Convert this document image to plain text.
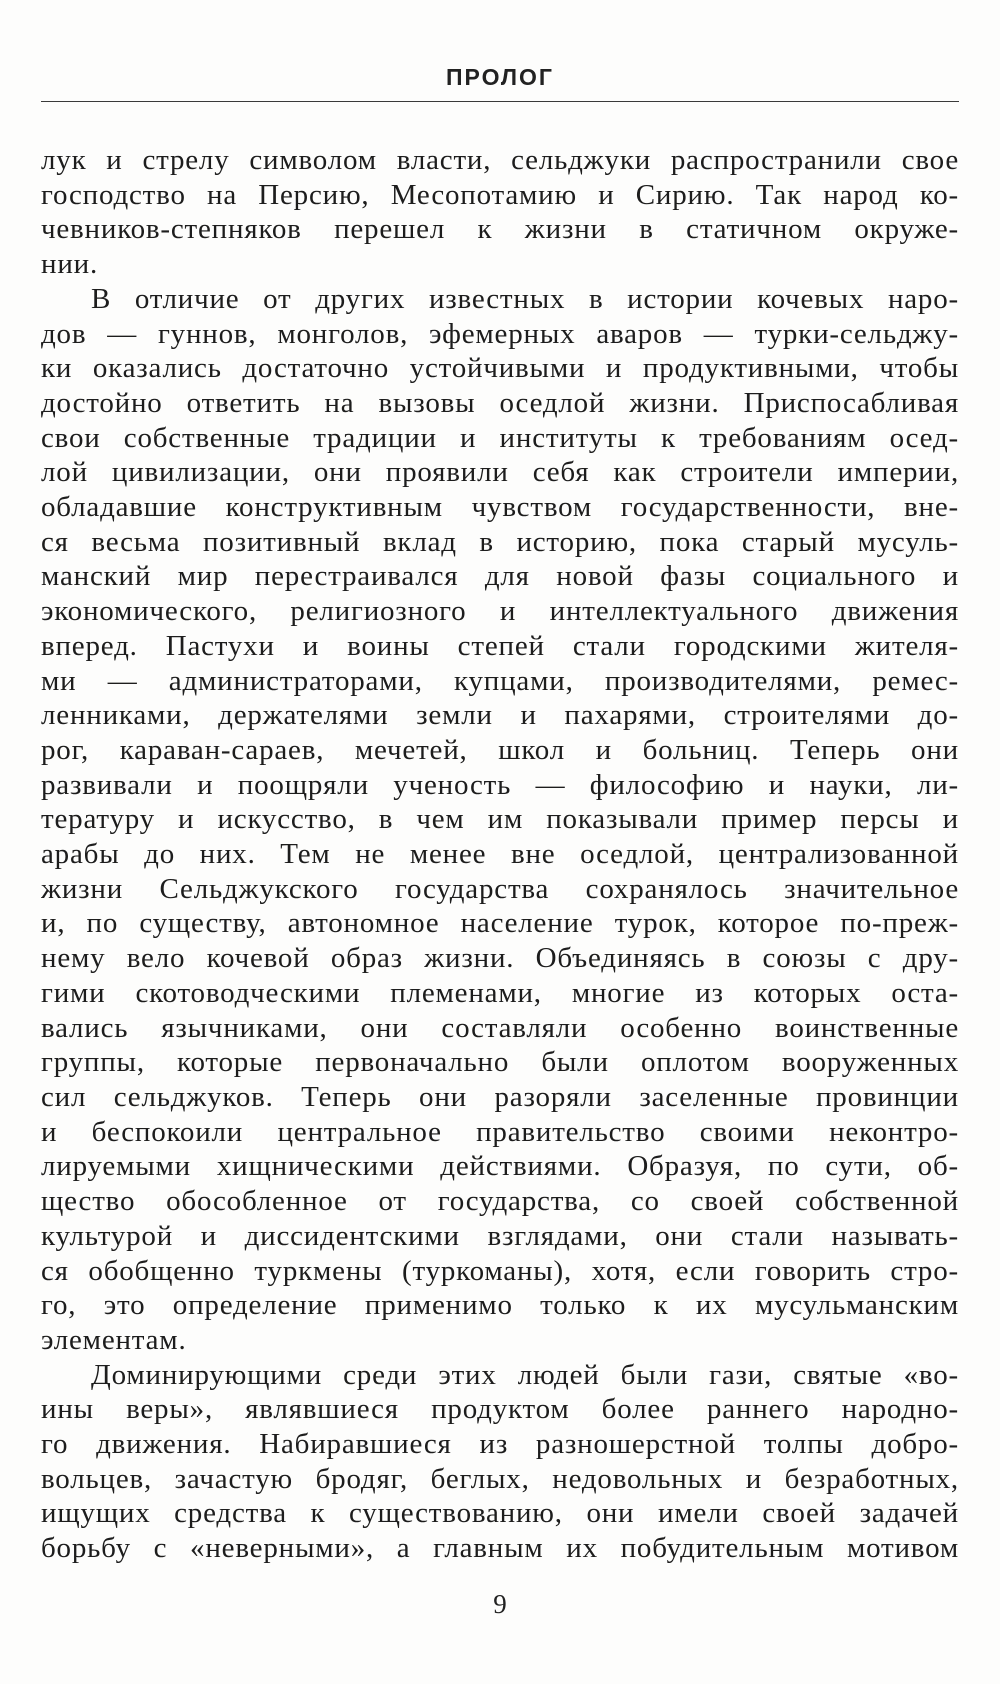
ПРОЛОГ
лук и стрелу символом власти, сельджуки распространили свое
господство на Персию, Месопотамию и Сирию. Так народ ко-
чевников-степняков перешел к жизни в статичном окруже-
нии.
В отличие от других известных в истории кочевых наро-
дов — гуннов, монголов, эфемерных аваров — турки-сельджу-
ки оказались достаточно устойчивыми и продуктивными, чтобы
достойно ответить на вызовы оседлой жизни. Приспосабливая
свои собственные традиции и институты к требованиям осед-
лой цивилизации, они проявили себя как строители империи,
обладавшие конструктивным чувством государственности, вне-
ся весьма позитивный вклад в историю, пока старый мусуль-
манский мир перестраивался для новой фазы социального и
экономического, религиозного и интеллектуального движения
вперед. Пастухи и воины степей стали городскими жителя-
ми — администраторами, купцами, производителями, ремес-
ленниками, держателями земли и пахарями, строителями до-
рог, караван-сараев, мечетей, школ и больниц. Теперь они
развивали и поощряли ученость — философию и науки, ли-
тературу и искусство, в чем им показывали пример персы и
арабы до них. Тем не менее вне оседлой, централизованной
жизни Сельджукского государства сохранялось значительное
и, по существу, автономное население турок, которое по-преж-
нему вело кочевой образ жизни. Объединяясь в союзы с дру-
гими скотоводческими племенами, многие из которых оста-
вались язычниками, они составляли особенно воинственные
группы, которые первоначально были оплотом вооруженных
сил сельджуков. Теперь они разоряли заселенные провинции
и беспокоили центральное правительство своими неконтро-
лируемыми хищническими действиями. Образуя, по сути, об-
щество обособленное от государства, со своей собственной
культурой и диссидентскими взглядами, они стали называть-
ся обобщенно туркмены (туркоманы), хотя, если говорить стро-
го, это определение применимо только к их мусульманским
элементам.
Доминирующими среди этих людей были гази, святые «во-
ины веры», являвшиеся продуктом более раннего народно-
го движения. Набиравшиеся из разношерстной толпы добро-
вольцев, зачастую бродяг, беглых, недовольных и безработных,
ищущих средства к существованию, они имели своей задачей
борьбу с «неверными», а главным их побудительным мотивом
9
